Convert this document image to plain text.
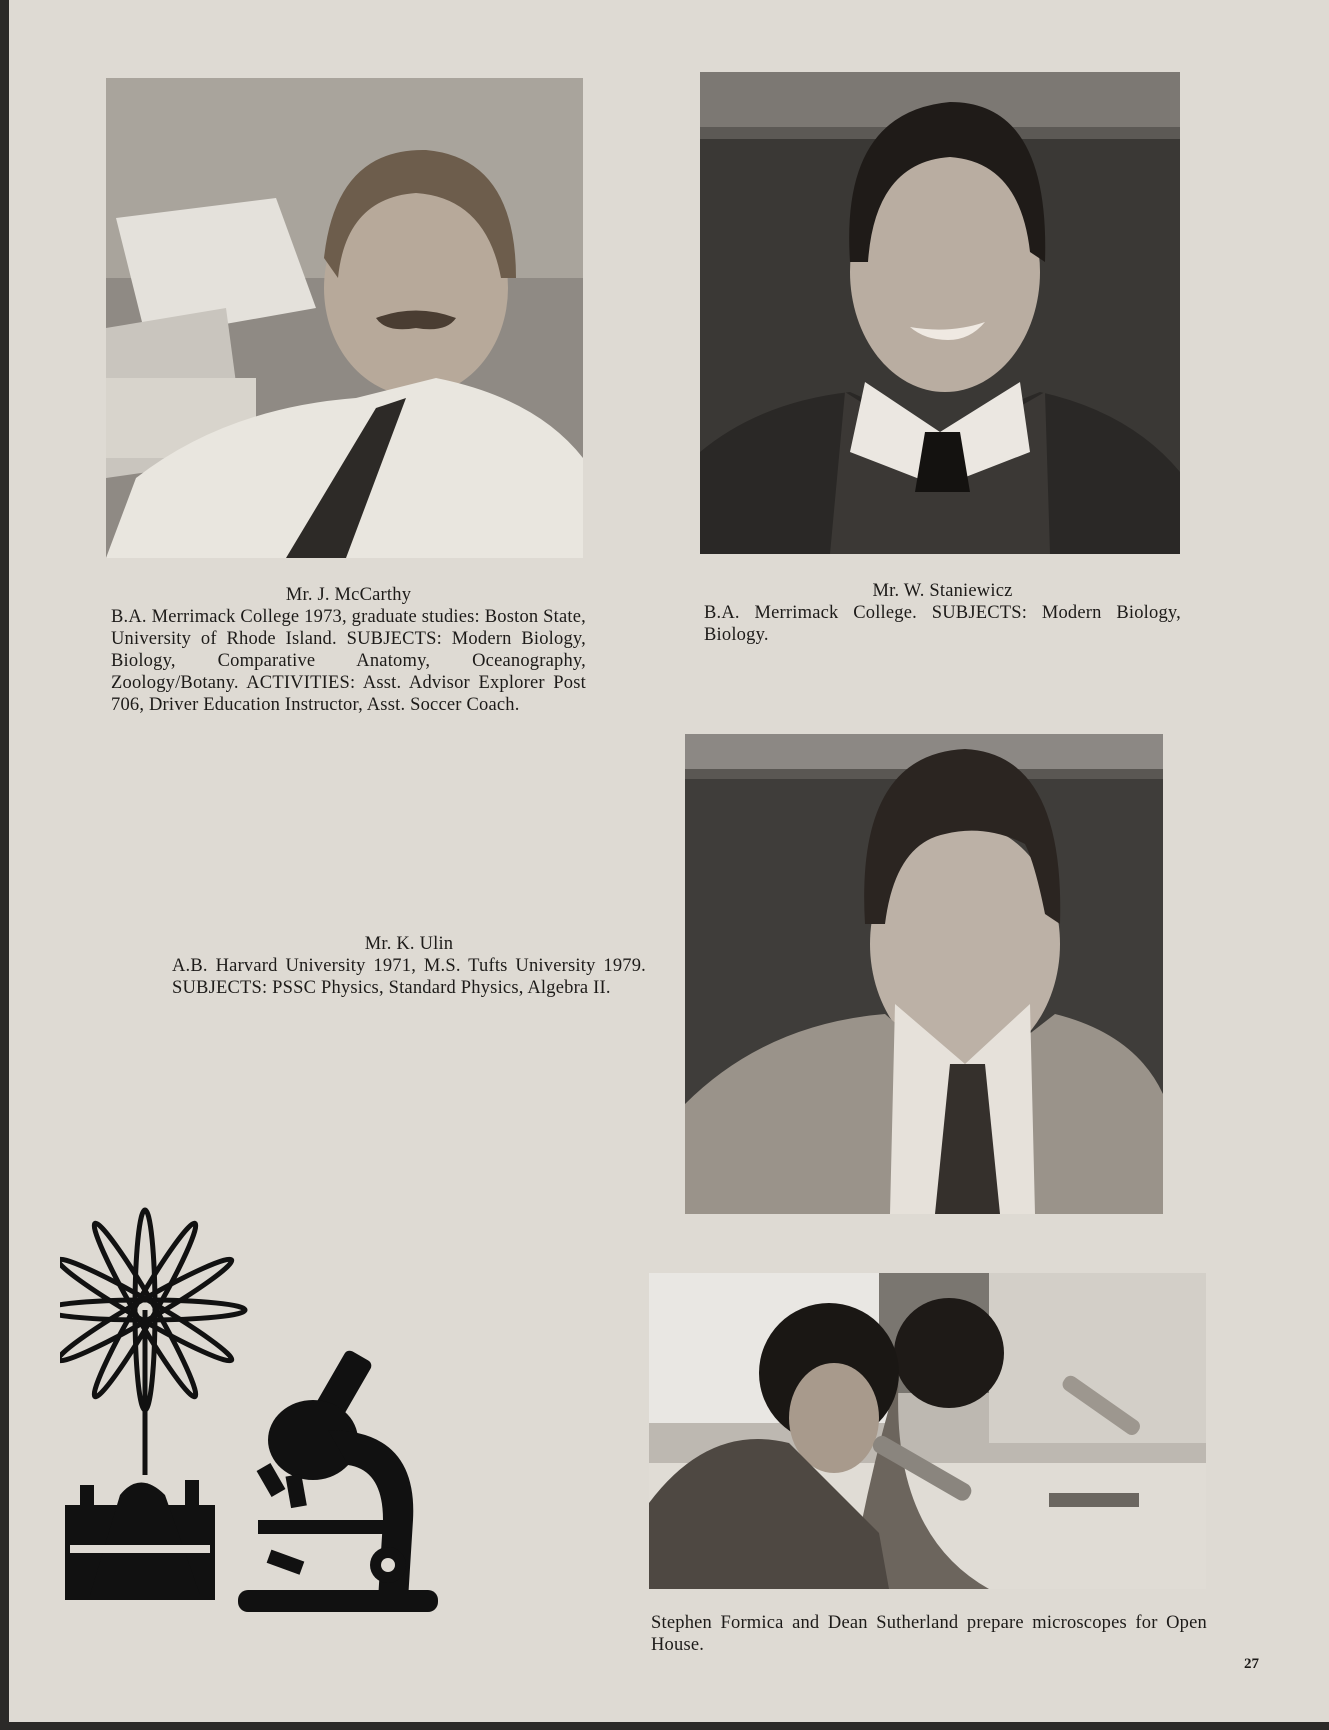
Mr. J. McCarthy
B.A. Merrimack College 1973, graduate studies: Boston State, University of Rhode Island. SUBJECTS: Modern Biology, Biology, Comparative Anatomy, Oceanography, Zoology/Botany. ACTIVITIES: Asst. Advisor Explorer Post 706, Driver Education Instructor, Asst. Soccer Coach.
Mr. W. Staniewicz
B.A. Merrimack College. SUBJECTS: Modern Biology, Biology.
Mr. K. Ulin
A.B. Harvard University 1971, M.S. Tufts University 1979. SUBJECTS: PSSC Physics, Standard Physics, Algebra II.
Stephen Formica and Dean Sutherland prepare microscopes for Open House.
27
